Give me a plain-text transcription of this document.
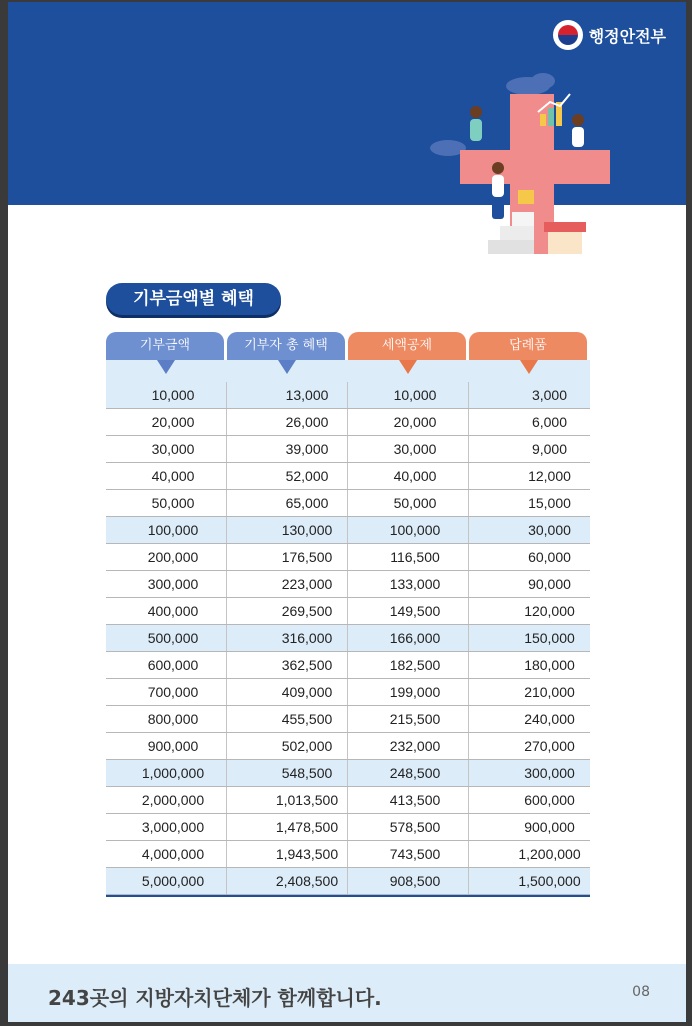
행정안전부
기부금액별 혜택
기부금액	기부자 총 혜택	세액공제	답례품
10,000	13,000	10,000	3,000
20,000	26,000	20,000	6,000
30,000	39,000	30,000	9,000
40,000	52,000	40,000	12,000
50,000	65,000	50,000	15,000
100,000	130,000	100,000	30,000
200,000	176,500	116,500	60,000
300,000	223,000	133,000	90,000
400,000	269,500	149,500	120,000
500,000	316,000	166,000	150,000
600,000	362,500	182,500	180,000
700,000	409,000	199,000	210,000
800,000	455,500	215,500	240,000
900,000	502,000	232,000	270,000
1,000,000	548,500	248,500	300,000
2,000,000	1,013,500	413,500	600,000
3,000,000	1,478,500	578,500	900,000
4,000,000	1,943,500	743,500	1,200,000
5,000,000	2,408,500	908,500	1,500,000
243곳의 지방자치단체가 함께합니다.	08
